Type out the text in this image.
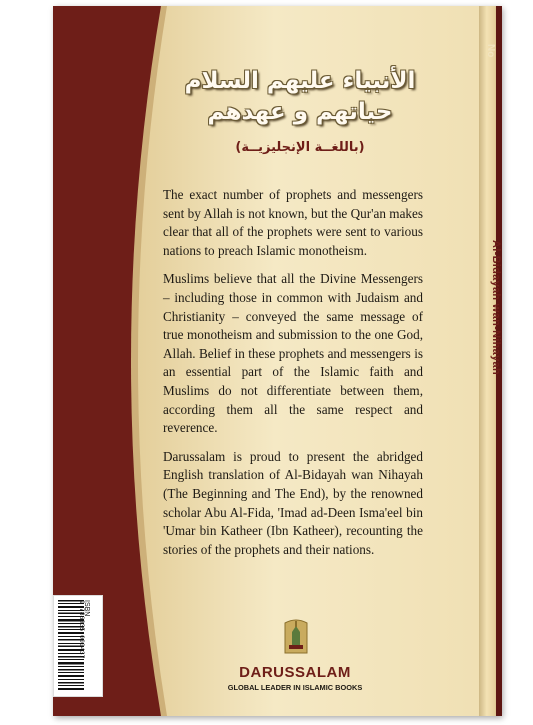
No
Al-Bidayah wan-Nihayah
الأنبياء عليهم السلام
حياتهم و عهدهم
(باللغــة الإنجليزيــة)

The exact number of prophets and messengers sent by Allah is not known, but the Qur'an makes clear that all of the prophets were sent to various nations to preach Islamic monotheism.

Muslims believe that all the Divine Messengers – including those in common with Judaism and Christianity – conveyed the same message of true monotheism and submission to the one God, Allah. Belief in these prophets and messengers is an essential part of the Islamic faith and Muslims do not differentiate between them, according them all the same respect and reverence.

Darussalam is proud to present the abridged English translation of Al-Bidayah wan Nihayah (The Beginning and The End), by the renowned scholar Abu Al-Fida, 'Imad ad-Deen Isma'eel bin 'Umar bin Katheer (Ibn Katheer), recounting the stories of the prophets and their nations.

9 786035 000437
ISBN
DARUSSALAM
GLOBAL LEADER IN ISLAMIC BOOKS
